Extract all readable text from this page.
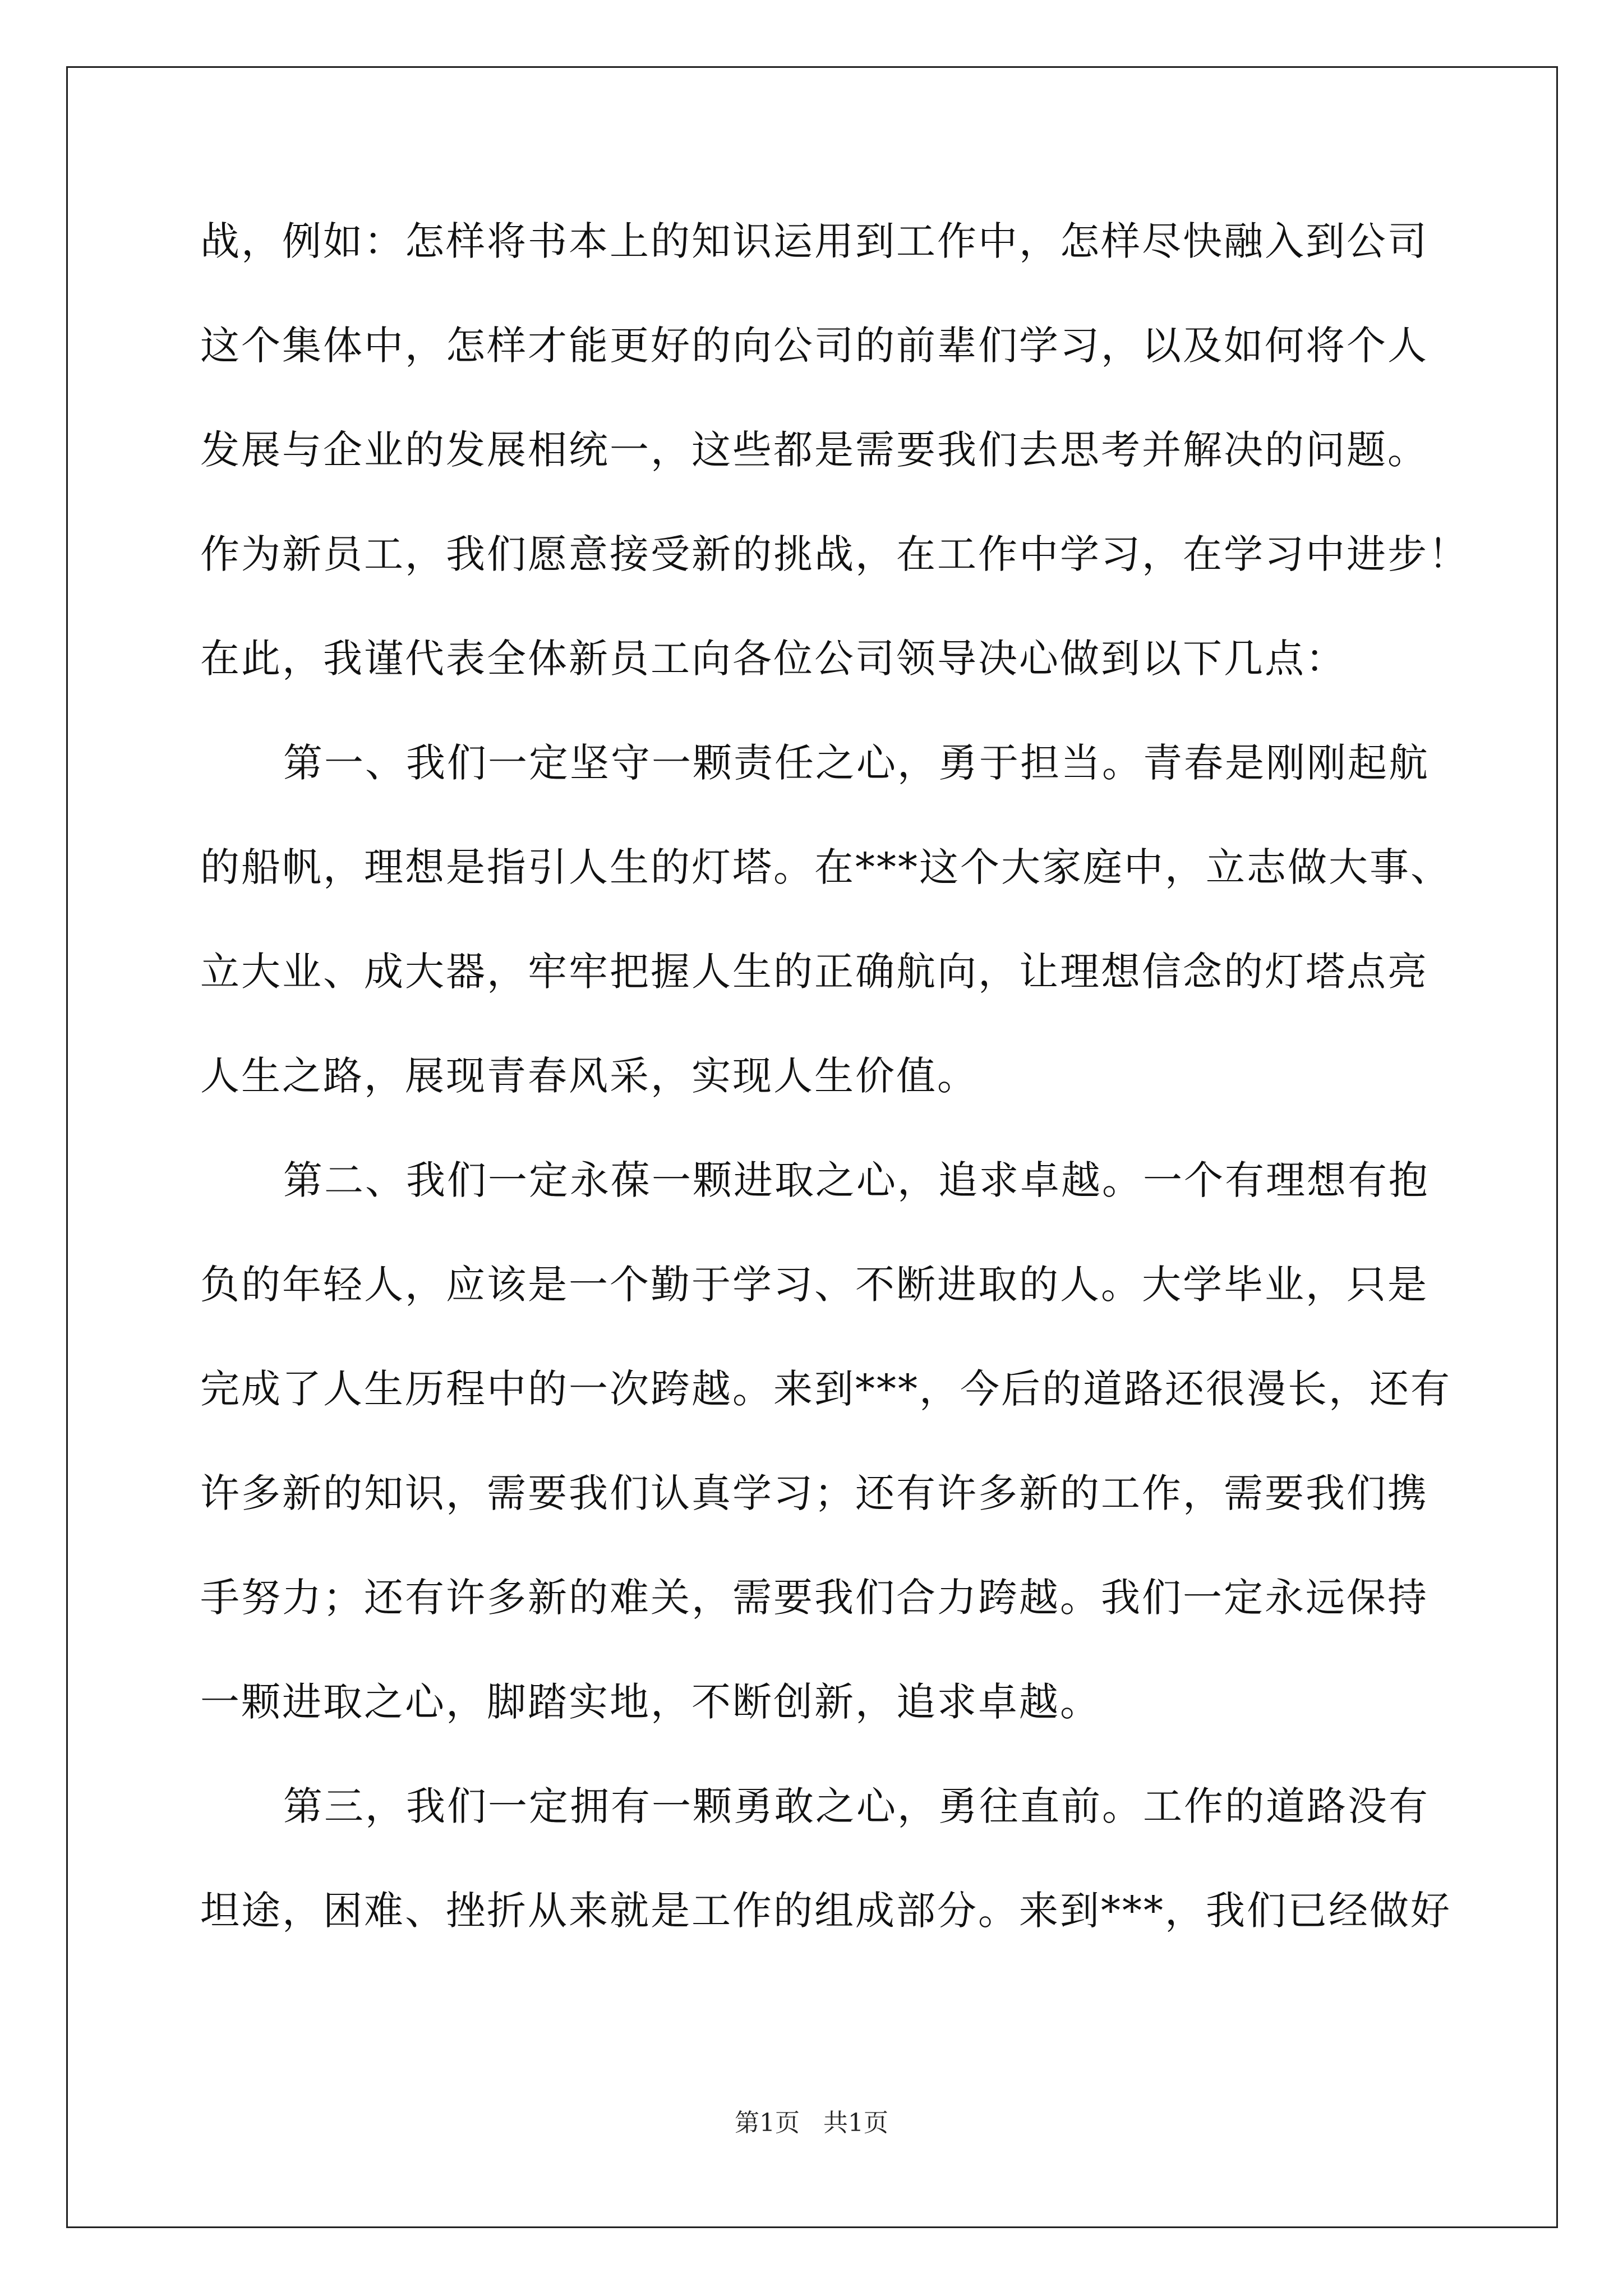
战，例如：怎样将书本上的知识运用到工作中，怎样尽快融入到公司
这个集体中，怎样才能更好的向公司的前辈们学习，以及如何将个人
发展与企业的发展相统一，这些都是需要我们去思考并解决的问题。
作为新员工，我们愿意接受新的挑战，在工作中学习，在学习中进步！
在此，我谨代表全体新员工向各位公司领导决心做到以下几点：
第一、我们一定坚守一颗责任之心，勇于担当。青春是刚刚起航
的船帆，理想是指引人生的灯塔。在***这个大家庭中，立志做大事、
立大业、成大器，牢牢把握人生的正确航向，让理想信念的灯塔点亮
人生之路，展现青春风采，实现人生价值。
第二、我们一定永葆一颗进取之心，追求卓越。一个有理想有抱
负的年轻人，应该是一个勤于学习、不断进取的人。大学毕业，只是
完成了人生历程中的一次跨越。来到***，今后的道路还很漫长，还有
许多新的知识，需要我们认真学习；还有许多新的工作，需要我们携
手努力；还有许多新的难关，需要我们合力跨越。我们一定永远保持
一颗进取之心，脚踏实地，不断创新，追求卓越。
第三，我们一定拥有一颗勇敢之心，勇往直前。工作的道路没有
坦途，困难、挫折从来就是工作的组成部分。来到***，我们已经做好
第1页   共1页
